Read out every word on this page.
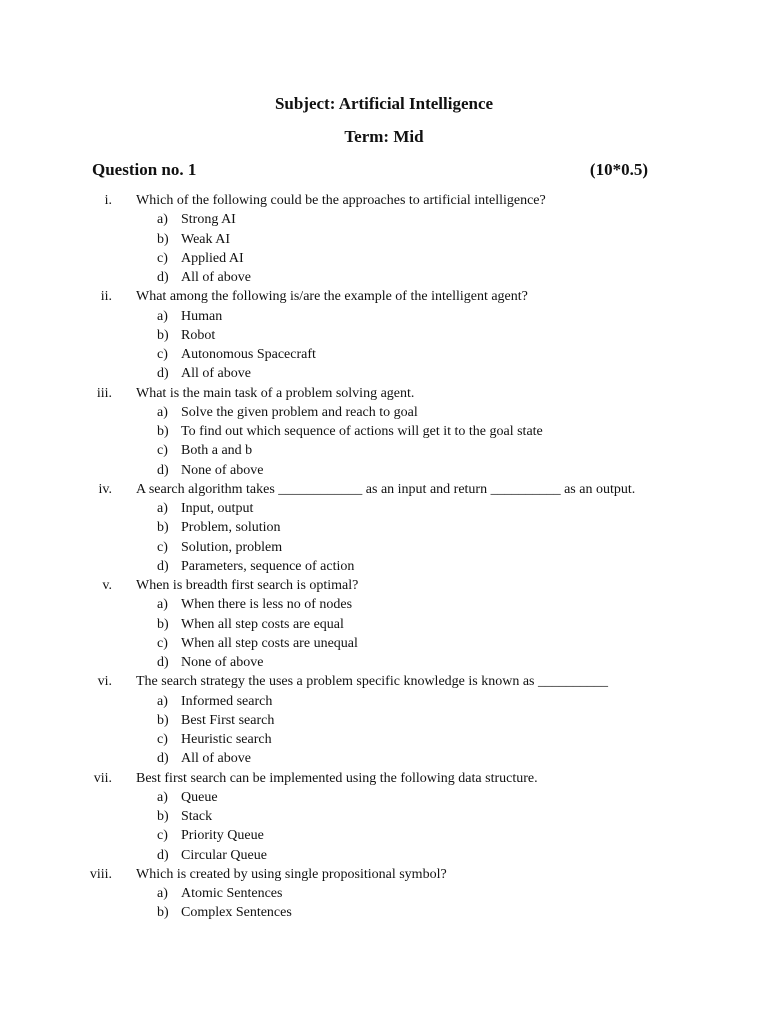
Subject: Artificial Intelligence
Term: Mid
Question no. 1	(10*0.5)
i. Which of the following could be the approaches to artificial intelligence?
a) Strong AI
b) Weak AI
c) Applied AI
d) All of above
ii. What among the following is/are the example of the intelligent agent?
a) Human
b) Robot
c) Autonomous Spacecraft
d) All of above
iii. What is the main task of a problem solving agent.
a) Solve the given problem and reach to goal
b) To find out which sequence of actions will get it to the goal state
c) Both a and b
d) None of above
iv. A search algorithm takes ____________ as an input and return __________ as an output.
a) Input, output
b) Problem, solution
c) Solution, problem
d) Parameters, sequence of action
v. When is breadth first search is optimal?
a) When there is less no of nodes
b) When all step costs are equal
c) When all step costs are unequal
d) None of above
vi. The search strategy the uses a problem specific knowledge is known as __________
a) Informed search
b) Best First search
c) Heuristic search
d) All of above
vii. Best first search can be implemented using the following data structure.
a) Queue
b) Stack
c) Priority Queue
d) Circular Queue
viii. Which is created by using single propositional symbol?
a) Atomic Sentences
b) Complex Sentences
